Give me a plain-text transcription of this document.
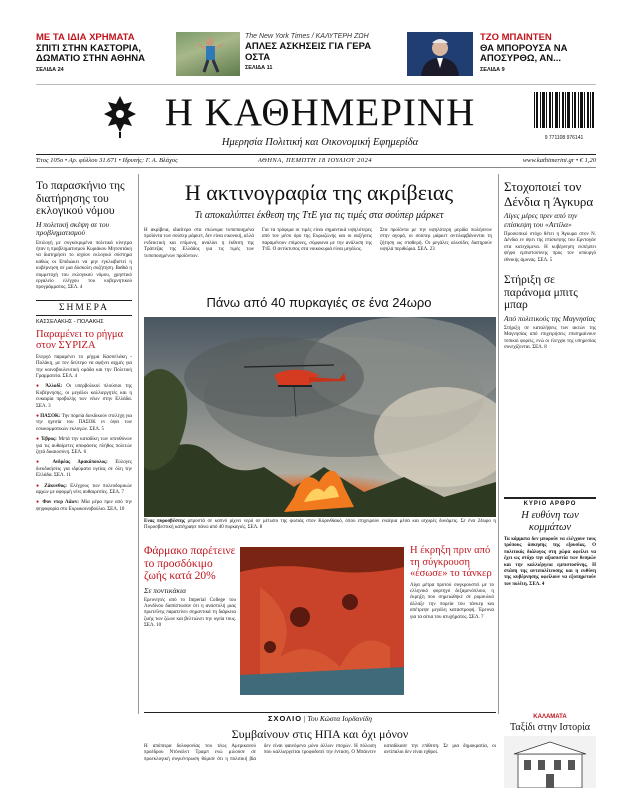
ΜΕ ΤΑ ΙΔΙΑ ΧΡΗΜΑΤΑ
ΣΠΙΤΙ ΣΤΗΝ ΚΑΣΤΟΡΙΑ, ΔΩΜΑΤΙΟ ΣΤΗΝ ΑΘΗΝΑ
ΣΕΛΙΔΑ 24
The New York Times / ΚΑΛΥΤΕΡΗ ΖΩΗ
ΑΠΛΕΣ ΑΣΚΗΣΕΙΣ ΓΙΑ ΓΕΡΑ ΟΣΤΑ
ΣΕΛΙΔΑ 11
ΤΖΟ ΜΠΑΙΝΤΕΝ
ΘΑ ΜΠΟΡΟΥΣΑ ΝΑ ΑΠΟΣΥΡΘΩ, ΑΝ...
ΣΕΛΙΔΑ 9
Η ΚΑΘΗΜΕΡΙΝΗ
Ημερησία Πολιτική και Οικονομική Εφημερίδα	9 771108 976141
Έτος 105ο • Αρ. φύλλου 31.671 • Ιδρυτής: Γ. Α. Βλάχος	ΑΘΗΝΑ, ΠΕΜΠΤΗ 18 ΙΟΥΛΙΟΥ 2024	www.kathimerini.gr • € 1,20
Το παρασκήνιο της διατήρησης του εκλογικού νόμου
Η πολιτική σκέψη σε του προβληματισμού
Επιλογή με συγκεκριμένα πολιτικά κίνητρα ήταν η προβληματισμού Κυριάκου Μητσοτάκη να διατηρήσει το ισχύον εκλογικό σύστημα καθώς οι Επιδιώκει να μην εγκλωβιστεί η κυβέρνηση σε μια δύσκολη συζήτηση. Βαθιά η συμμετοχή του εκλογικού νόμου, χρηστικό εργαλείο ελέγχου του κυβερνητικού προγράμματος. ΣΕΛ. 4
ΣΗΜΕΡΑ
ΚΑΣΣΕΛΑΚΗΣ - ΠΟΛΑΚΗΣ
Παραμένει το ρήγμα στον ΣΥΡΙΖΑ
Ενεργό παραμένει το ρήγμα Κασσελάκη - Πολάκη, με τον δεύτερο να αφήνει αιχμές για την κοινοβουλευτική ομάδα και την Πολιτική Γραμματεία. ΣΕΛ. 4
● Άλλοδί: Οι υπερβολικοί πλούσιοι της Κυβέρνησης, οι μεγάλοι καλλιεργητές και η ευκαιρία προβολής των νέων στην Ελλάδα. ΣΕΛ. 3
● ΠΑΣΟΚ: Την πορεία διεκδικούν στελέχη για την ηγεσία του ΠΑΣΟΚ εν όψει των εσωκομματικών εκλογών. ΣΕΛ. 5
● Έβρος: Μετά την καταδίκη των υπευθύνων για τις αυθαίρετες αποφάσεις πλήθος πολιτών ζητά δικαιοσύνη. ΣΕΛ. 6
● Ανδρέας Δρακόπουλος: Εύλογες διεκδικήσεις για ιδρύματα υγείας σε όλη την Ελλάδα. ΣΕΛ. 11
● Ζάκυνθος: Ελέγχους των πολεοδομικών αρχών με αφορμή νέες αυθαιρεσίες. ΣΕΛ. 7
● Φον ντερ Λάιεν: Μία μέρα πριν από την ψηφοφορία στο Ευρωκοινοβούλιο. ΣΕΛ. 10
Η ακτινογραφία της ακρίβειας
Τι αποκαλύπτει έκθεση της ΤτΕ για τις τιμές στα σούπερ μάρκετ
Η ακρίβεια, ιδιαίτερα στα επώνυμα τυποποιημένα προϊόντα των σούπερ μάρκετ, δεν είναι εικονική, αλλά ενδεικτική και επίμονη, αναλύει η έκθεση της Τράπεζας της Ελλάδος για τις τιμές των τυποποιημένων προϊόντων.
Για τα τρόφιμα οι τιμές είναι σημαντικά υψηλότερες από τον μέσο όρο της Ευρωζώνης και οι αυξήσεις παραμένουν επίμονες, σύμφωνα με την ανάλυση της ΤτΕ. Ο αντίκτυπος στα νοικοκυριά είναι μεγάλος.
Στα προϊόντα με την υψηλότερη μερίδα πωλήσεων στην αγορά, οι σούπερ μάρκετ αντιλαμβάνονται τη ζήτηση ως σταθερή. Οι μεγάλες αλυσίδες διατηρούν υψηλά περιθώρια. ΣΕΛ. 23
Πάνω από 40 πυρκαγιές σε ένα 24ωρο
Ενας πυροσβέστης μπροστά σε καπνό ρίχνει νερό σε μέτωπο της φωτιάς στον Κορινθιακό, όπου επιχειρούν εναέρια μέσα και ισχυρές δυνάμεις. Σε ένα 24ωρο η Πυροσβεστική κατέγραψε πάνω από 40 πυρκαγιές. ΣΕΛ. 8
Φάρμακο παρέτεινε το προσδόκιμο ζωής κατά 20%
Σε ποντικάκια
Ερευνητές από το Imperial College του Λονδίνου διαπίστωσαν ότι η αναστολή μιας πρωτεΐνης παρατείνει σημαντικά τη διάρκεια ζωής των ζώων και βελτιώνει την υγεία τους. ΣΕΛ. 10
Η έκρηξη πριν από τη σύγκρουση «έσωσε» το τάνκερ
Λίγα μέτρα προτού συγκρουστεί με το ελληνικό φορτηγό δεξαμενόπλοιο, η έκρηξη που σημειώθηκε σε ρυμουλκό άλλαξε την πορεία του τάνκερ και απέτρεψε μεγάλη καταστροφή. Έρευνα για τα αίτια του ατυχήματος. ΣΕΛ. 7
Στοχοποιεί τον Δένδια η Άγκυρα
Λίγες μέρες πριν από την επίσκεψη του «Αττίλα»
Προσωπικό στόχο θέτει η Άγκυρα στον Ν. Δένδια εν όψει της επίσκεψης του Ερντογάν στα κατεχόμενα. Η κυβέρνηση εκπέμπει ψήφο εμπιστοσύνης προς τον υπουργό εθνικής άμυνας. ΣΕΛ. 5
Στήριξη σε παράνομα μπιτς μπαρ
Από πολιτικούς της Μαγνησίας
Στήριξη σε καταλήψεις των ακτών της Μαγνησίας από επιχειρήσεις επισημαίνουν τοπικοί φορείς, ενώ οι έλεγχοι της υπηρεσίας συνεχίζονται. ΣΕΛ. 8
ΚΥΡΙΟ ΑΡΘΡΟ
Η ευθύνη των κομμάτων
Τα κόμματα δεν μπορούν να ελέγχουν τους τρόπους άσκησης της εξουσίας. Ο πολιτικός διάλογος στη χώρα οφείλει να έχει ως στόχο την αξιοπιστία των θεσμών και την καλλιέργεια εμπιστοσύνης. Η στάση της αντιπολίτευσης και η ευθύνη της κυβέρνησης οφείλουν να εξυπηρετούν τον πολίτη. ΣΕΛ. 4
ΣΧΟΛΙΟ | Του Κώστα Ιορδανίδη
Συμβαίνουν στις ΗΠΑ και όχι μόνον
Η απόπειρα δολοφονίας του τέως Αμερικανού προέδρου Ντόναλντ Τραμπ ενώ μιλούσε σε προεκλογική συγκέντρωση θύμισε ότι η πολιτική βία δεν είναι φαινόμενο μόνο άλλων εποχών. Η πόλωση που καλλιεργείται τροφοδοτεί την ένταση. Ο Μπάιντεν καταδίκασε την επίθεση. Σε μια δημοκρατία, οι αντίπαλοι δεν είναι εχθροί.
ΚΑΛΑΜΑΤΑ
Ταξίδι στην Ιστορία
